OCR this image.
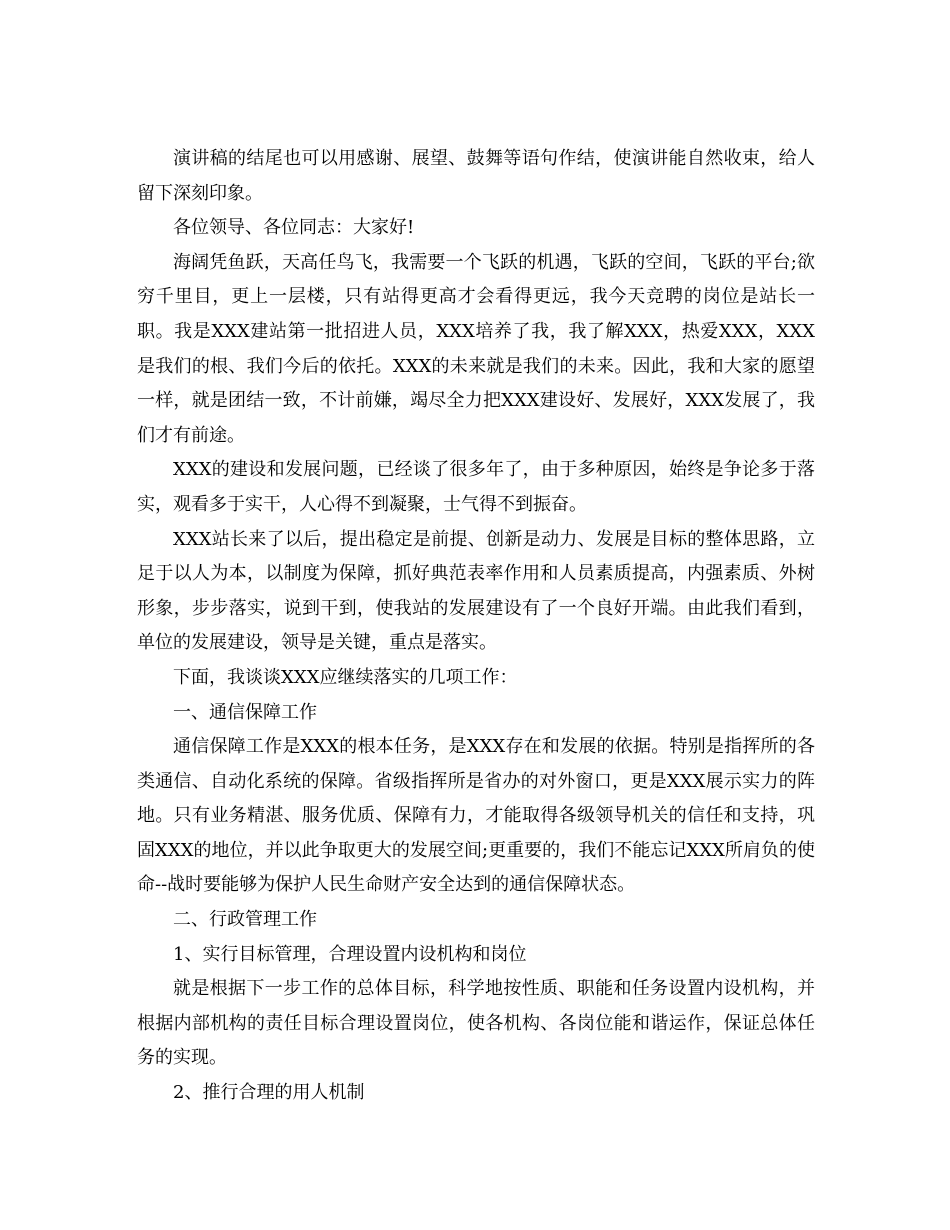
演讲稿的结尾也可以用感谢、展望、鼓舞等语句作结，使演讲能自然收束，给人留下深刻印象。

各位领导、各位同志：大家好!

海阔凭鱼跃，天高任鸟飞，我需要一个飞跃的机遇，飞跃的空间，飞跃的平台;欲穷千里目，更上一层楼，只有站得更高才会看得更远，我今天竞聘的岗位是站长一职。我是XXX建站第一批招进人员，XXX培养了我，我了解XXX，热爱XXX，XXX是我们的根、我们今后的依托。XXX的未来就是我们的未来。因此，我和大家的愿望一样，就是团结一致，不计前嫌，竭尽全力把XXX建设好、发展好，XXX发展了，我们才有前途。

XXX的建设和发展问题，已经谈了很多年了，由于多种原因，始终是争论多于落实，观看多于实干，人心得不到凝聚，士气得不到振奋。

XXX站长来了以后，提出稳定是前提、创新是动力、发展是目标的整体思路，立足于以人为本，以制度为保障，抓好典范表率作用和人员素质提高，内强素质、外树形象，步步落实，说到干到，使我站的发展建设有了一个良好开端。由此我们看到，单位的发展建设，领导是关键，重点是落实。

下面，我谈谈XXX应继续落实的几项工作：

一、通信保障工作

通信保障工作是XXX的根本任务，是XXX存在和发展的依据。特别是指挥所的各类通信、自动化系统的保障。省级指挥所是省办的对外窗口，更是XXX展示实力的阵地。只有业务精湛、服务优质、保障有力，才能取得各级领导机关的信任和支持，巩固XXX的地位，并以此争取更大的发展空间;更重要的，我们不能忘记XXX所肩负的使命--战时要能够为保护人民生命财产安全达到的通信保障状态。

二、行政管理工作

1、实行目标管理，合理设置内设机构和岗位

就是根据下一步工作的总体目标，科学地按性质、职能和任务设置内设机构，并根据内部机构的责任目标合理设置岗位，使各机构、各岗位能和谐运作，保证总体任务的实现。

2、推行合理的用人机制
